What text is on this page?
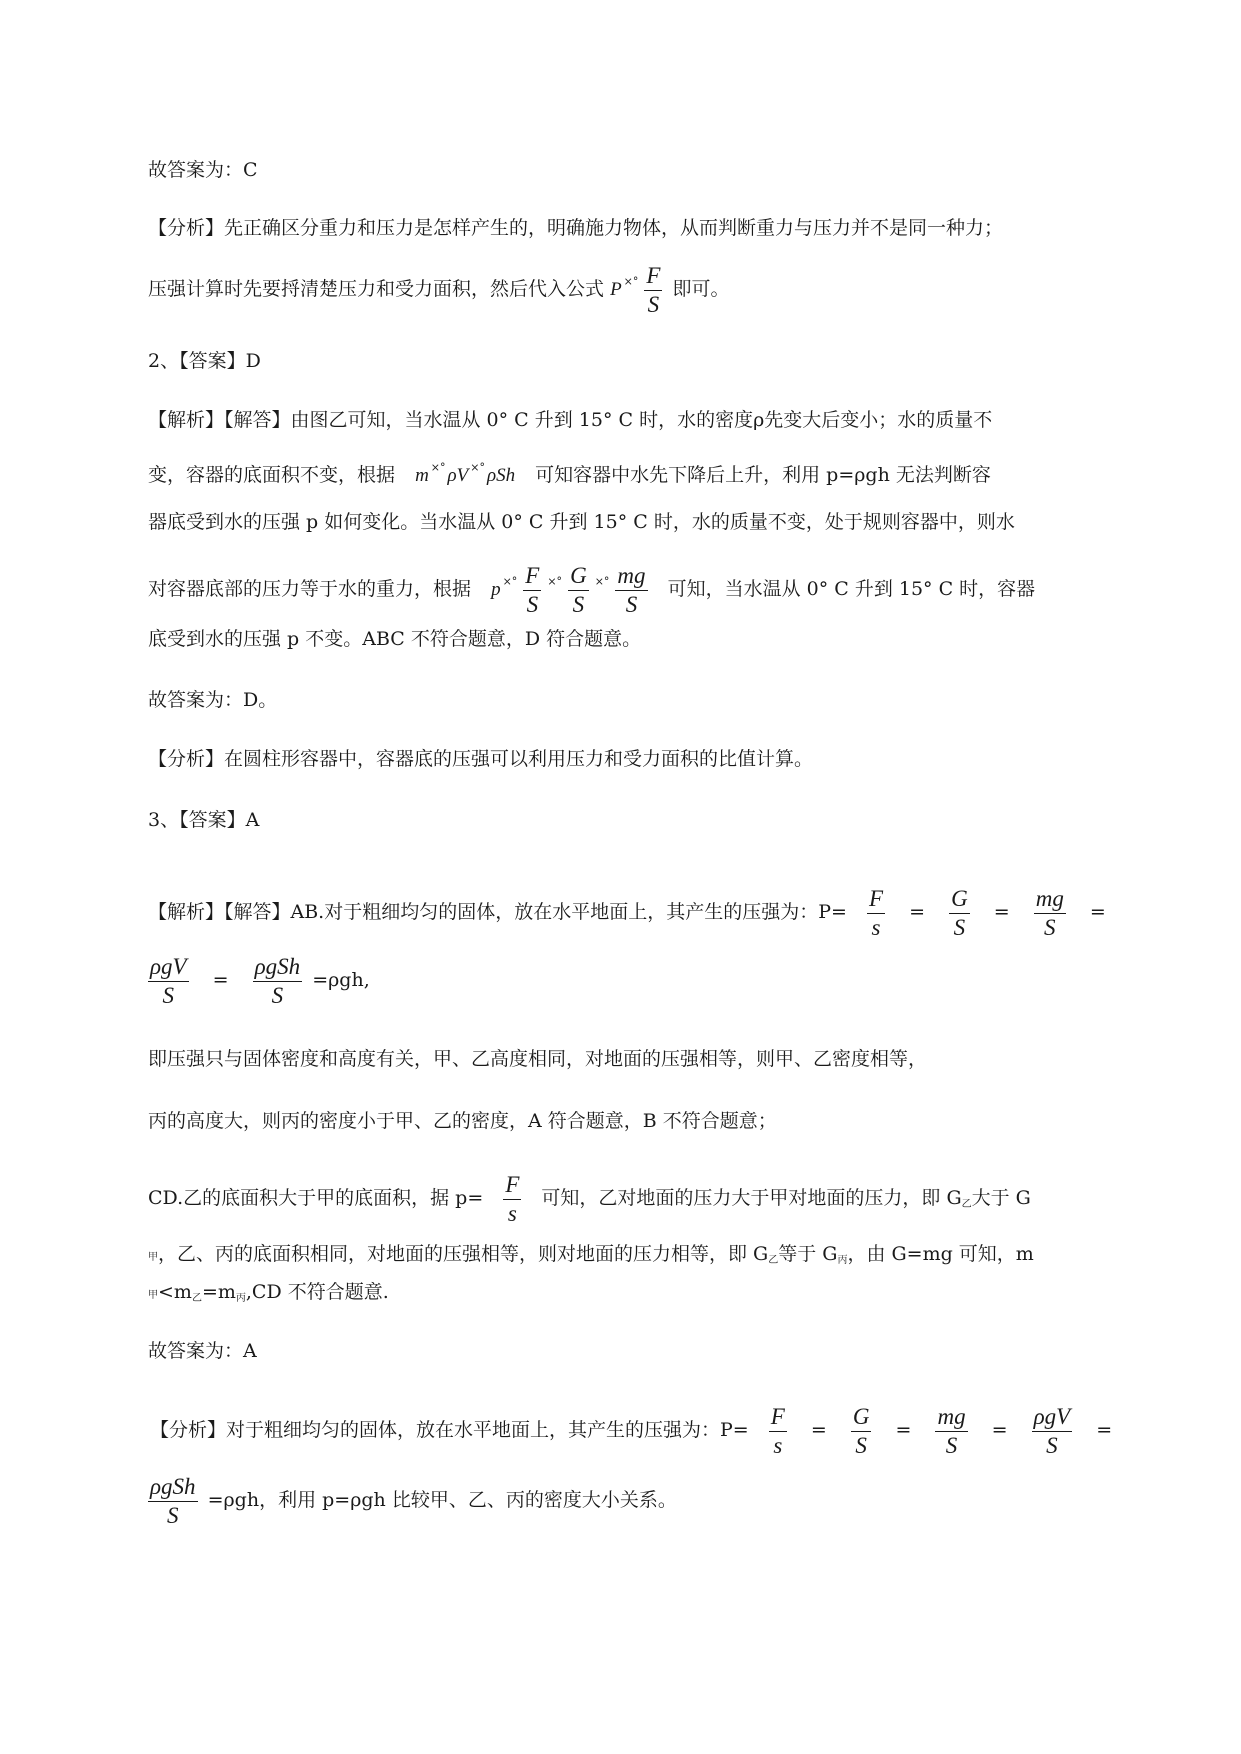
故答案为：C
【分析】先正确区分重力和压力是怎样产生的，明确施力物体，从而判断重力与压力并不是同一种力；
压强计算时先要捋清楚压力和受力面积，然后代入公式 P $^{\times^\circ} \frac{F}{S}$ 即可。
2、【答案】D
【解析】【解答】由图乙可知，当水温从 0° C 升到 15° C 时，水的密度ρ先变大后变小；水的质量不
变，容器的底面积不变，根据 m ×° ρV ×° ρSh 可知容器中水先下降后上升，利用 p=ρgh 无法判断容
器底受到水的压强 p 如何变化。当水温从 0° C 升到 15° C 时，水的质量不变，处于规则容器中，则水
对容器底部的压力等于水的重力，根据 p $^{\times^\circ} \frac{F}{S} ^{\times^\circ} \frac{G}{S} ^{\times^\circ} \frac{mg}{S}$ 可知，当水温从 0° C 升到 15° C 时，容器
底受到水的压强 p 不变。ABC 不符合题意，D 符合题意。
故答案为：D。
【分析】在圆柱形容器中，容器底的压强可以利用压力和受力面积的比值计算。
3、【答案】A
【解析】【解答】AB.对于粗细均匀的固体，放在水平地面上，其产生的压强为：$P= \frac{F}{s} = \frac{G}{S} = \frac{mg}{S}$ =
$\frac{\text{ρgV}}{S} = \frac{\text{ρgSh}}{S} =\rho gh$,
即压强只与固体密度和高度有关，甲、乙高度相同，对地面的压强相等，则甲、乙密度相等，
丙的高度大，则丙的密度小于甲、乙的密度，A 符合题意，B 不符合题意；
CD.乙的底面积大于甲的底面积，据 $p= \frac{F}{s}$ 可知，乙对地面的压力大于甲对地面的压力，即 $G_乙$大于 G
甲，乙、丙的底面积相同，对地面的压强相等，则对地面的压力相等，即 $G_乙$等于 $G_丙$，由 G=mg 可知，m
甲$<m_乙=m_丙,CD$ 不符合题意.
故答案为：A
【分析】对于粗细均匀的固体，放在水平地面上，其产生的压强为：$P= \frac{F}{s} = \frac{G}{S} = \frac{mg}{S} = \frac{\text{ρgV}}{S}$ =
$\frac{\text{ρgSh}}{S} =\rho gh$，利用 p=ρgh 比较甲、乙、丙的密度大小关系。
